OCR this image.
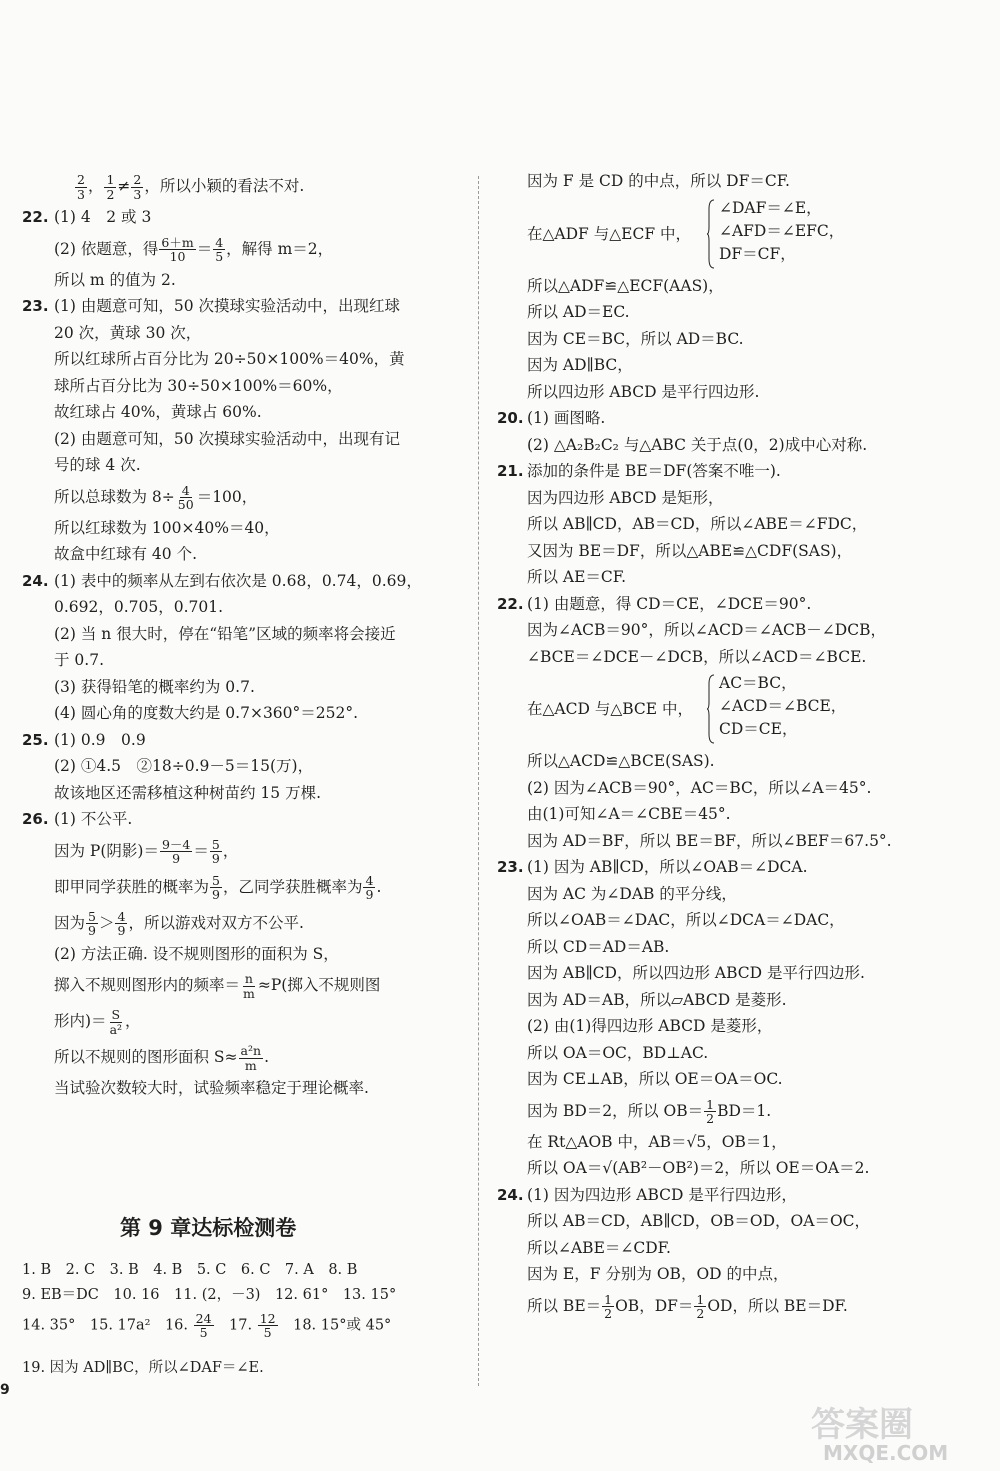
$\frac{2}{3}$ ， $\frac{1}{2} \ne \frac{2}{3}$ ，所以小颖的看法不对.
22. (1) 4　2 或 3
(2) 依题意，得 $\frac{6+m}{10} = \frac{4}{5}$ ，解得 m＝2，
所以 m 的值为 2.
23. (1) 由题意可知，50 次摸球实验活动中，出现红球
20 次，黄球 30 次，
所以红球所占百分比为 20÷50×100%＝40%，黄
球所占百分比为 30÷50×100%＝60%，
故红球占 40%，黄球占 60%.
(2) 由题意可知，50 次摸球实验活动中，出现有记
号的球 4 次.
所以总球数为 $8\div \frac{4}{50} =100$，
所以红球数为 100×40%＝40，
故盒中红球有 40 个.
24. (1) 表中的频率从左到右依次是 0.68，0.74，0.69，
0.692，0.705，0.701.
(2) 当 n 很大时，停在“铅笔”区域的频率将会接近
于 0.7.
(3) 获得铅笔的概率约为 0.7.
(4) 圆心角的度数大约是 0.7×360°＝252°.
25. (1) 0.9　0.9
(2) ①4.5　②18÷0.9－5＝15(万)，
故该地区还需移植这种树苗约 15 万棵.
26. (1) 不公平.
因为 P(阴影)＝ $\frac{9-4}{9} = \frac{5}{9}$ ，
即甲同学获胜的概率为 $\frac{5}{9}$ ，乙同学获胜概率为 $\frac{4}{9}$ .
因为 $\frac{5}{9} > \frac{4}{9}$ ，所以游戏对双方不公平.
(2) 方法正确. 设不规则图形的面积为 S，
掷入不规则图形内的频率＝ $\frac{n}{m} \approx P$(掷入不规则图
形内)＝ $\frac{S}{\text{a²}}$ ，
所以不规则的图形面积 $S\approx \frac{\text{a²n}}{m}$ .
当试验次数较大时，试验频率稳定于理论概率.
第 9 章达标检测卷
1. B　2. C　3. B　4. B　5. C　6. C　7. A　8. B
9. EB＝DC　10. 16　11. (2，－3)　12. 61°　13. 15°
14. 35°　15. 17a²　16. $\frac{24}{5}$ 　17. $\frac{12}{5}$ 　18. 15°或 45°
19. 因为 AD∥BC，所以∠DAF＝∠E.
9
因为 F 是 CD 的中点，所以 DF＝CF.
在△ADF 与△ECF 中，
∠DAF＝∠E，
∠AFD＝∠EFC，
DF＝CF，
所以△ADF≌△ECF(AAS)，
所以 AD＝EC.
因为 CE＝BC，所以 AD＝BC.
因为 AD∥BC，
所以四边形 ABCD 是平行四边形.
20. (1) 画图略.
(2) △A₂B₂C₂ 与△ABC 关于点(0，2)成中心对称.
21. 添加的条件是 BE＝DF(答案不唯一).
因为四边形 ABCD 是矩形，
所以 AB∥CD，AB＝CD，所以∠ABE＝∠FDC，
又因为 BE＝DF，所以△ABE≌△CDF(SAS)，
所以 AE＝CF.
22. (1) 由题意，得 CD＝CE，∠DCE＝90°.
因为∠ACB＝90°，所以∠ACD＝∠ACB－∠DCB，
∠BCE＝∠DCE－∠DCB，所以∠ACD＝∠BCE.
在△ACD 与△BCE 中，
AC＝BC，
∠ACD＝∠BCE，
CD＝CE，
所以△ACD≌△BCE(SAS).
(2) 因为∠ACB＝90°，AC＝BC，所以∠A＝45°.
由(1)可知∠A＝∠CBE＝45°.
因为 AD＝BF，所以 BE＝BF，所以∠BEF＝67.5°.
23. (1) 因为 AB∥CD，所以∠OAB＝∠DCA.
因为 AC 为∠DAB 的平分线，
所以∠OAB＝∠DAC，所以∠DCA＝∠DAC，
所以 CD＝AD＝AB.
因为 AB∥CD，所以四边形 ABCD 是平行四边形.
因为 AD＝AB，所以▱ABCD 是菱形.
(2) 由(1)得四边形 ABCD 是菱形，
所以 OA＝OC，BD⊥AC.
因为 CE⊥AB，所以 OE＝OA＝OC.
因为 BD＝2，所以 $OB= \frac{1}{2} BD=1$.
在 Rt△AOB 中，AB＝√5，OB＝1，
所以 OA＝√(AB²－OB²)＝2，所以 OE＝OA＝2.
24. (1) 因为四边形 ABCD 是平行四边形，
所以 AB＝CD，AB∥CD，OB＝OD，OA＝OC，
所以∠ABE＝∠CDF.
因为 E，F 分别为 OB，OD 的中点，
所以 $BE= \frac{1}{2}$ OB，$DF= \frac{1}{2}$ OD，所以 BE＝DF.
答案圈
MXQE.COM
